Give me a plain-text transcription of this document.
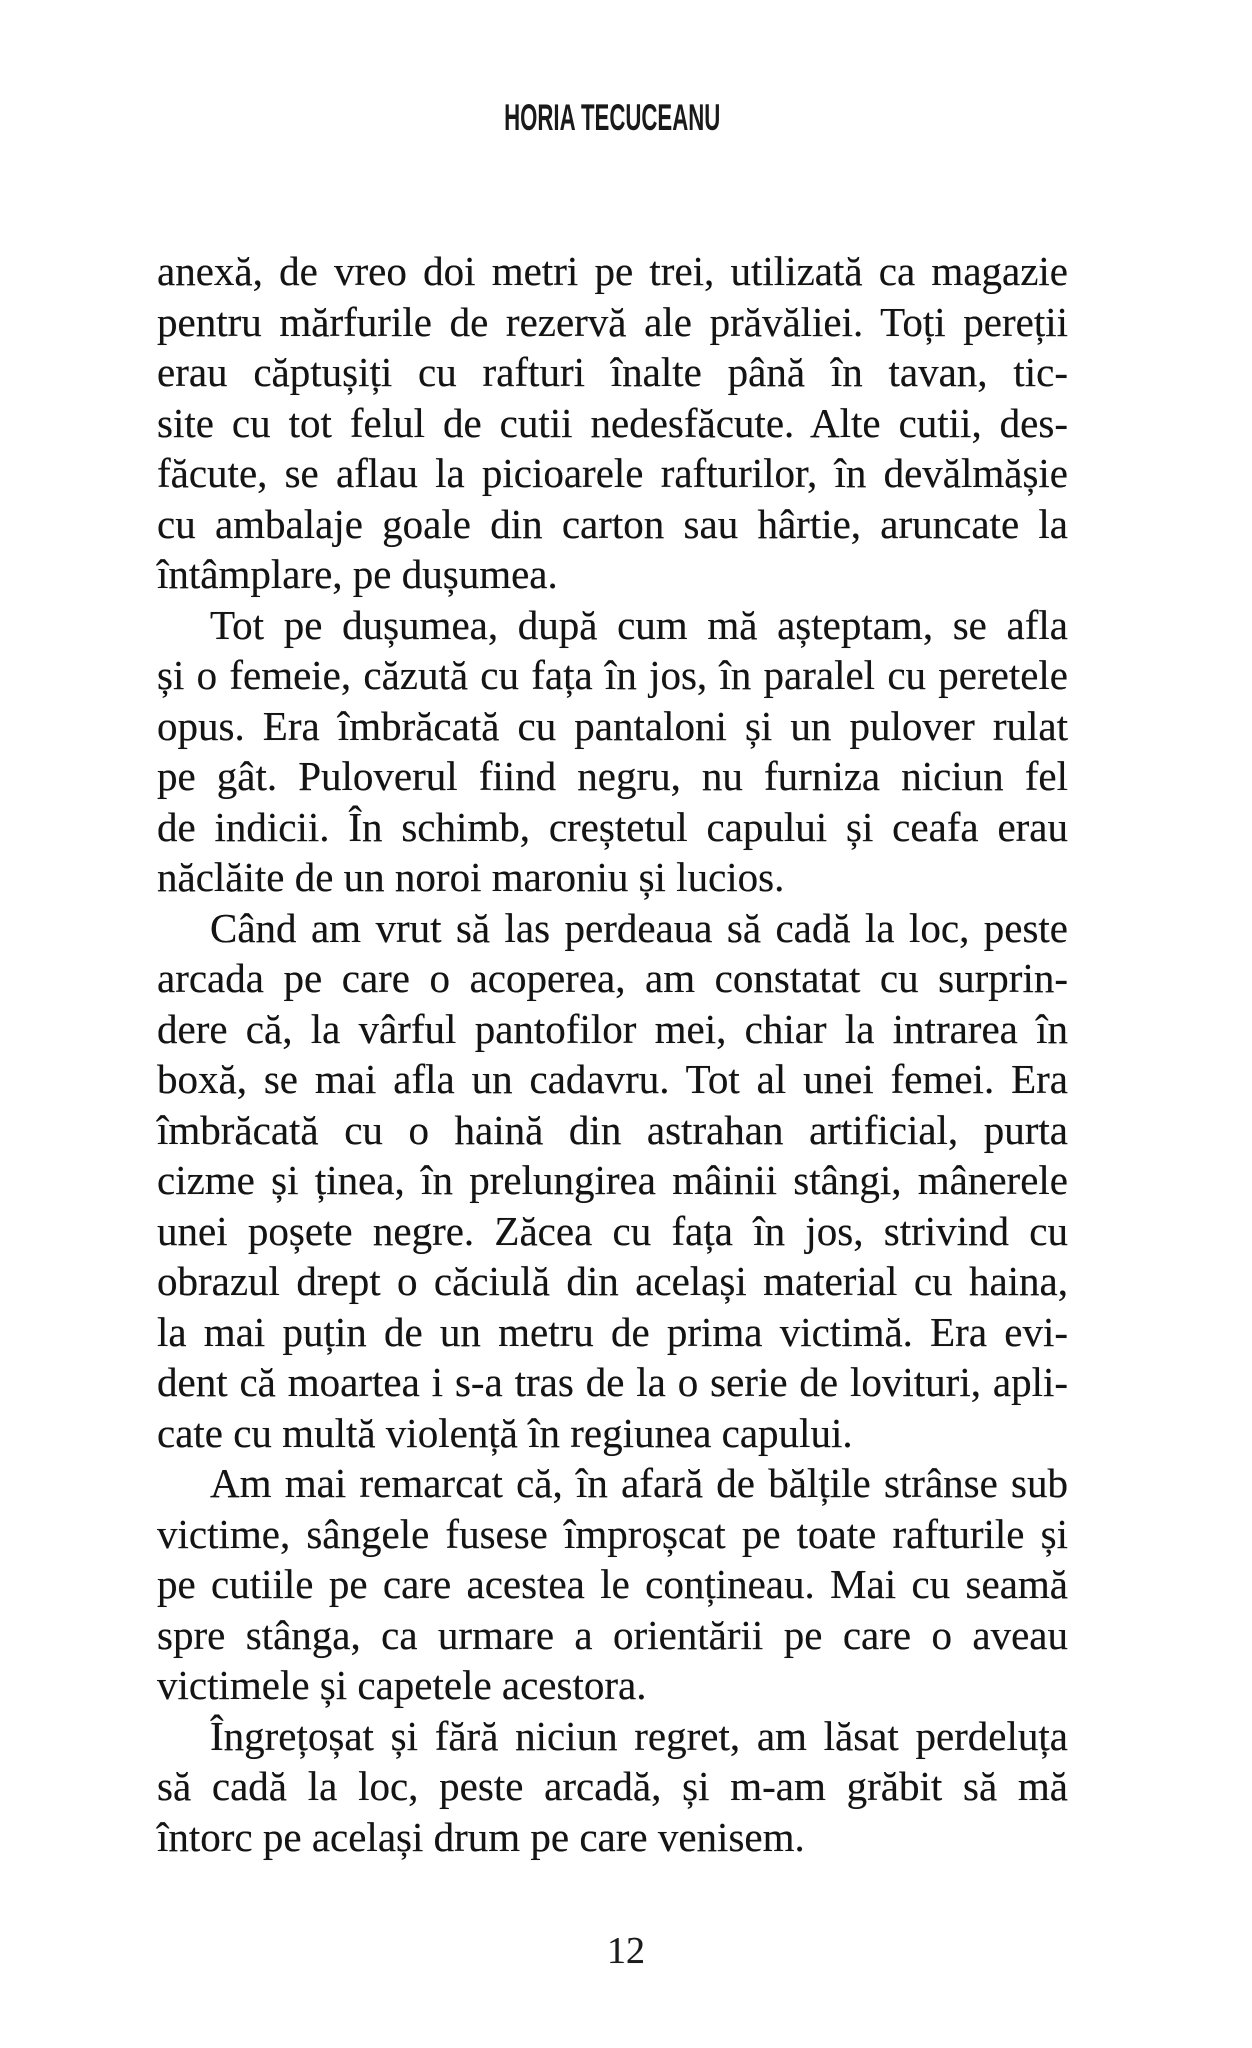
HORIA TECUCEANU
anexă, de vreo doi metri pe trei, utilizată ca magazie
pentru mărfurile de rezervă ale prăvăliei. Toți pereții
erau căptușiți cu rafturi înalte până în tavan, tic-
site cu tot felul de cutii nedesfăcute. Alte cutii, des-
făcute, se aflau la picioarele rafturilor, în devălmășie
cu ambalaje goale din carton sau hârtie, aruncate la
întâmplare, pe dușumea.
Tot pe dușumea, după cum mă așteptam, se afla
și o femeie, căzută cu fața în jos, în paralel cu peretele
opus. Era îmbrăcată cu pantaloni și un pulover rulat
pe gât. Puloverul fiind negru, nu furniza niciun fel
de indicii. În schimb, creștetul capului și ceafa erau
năclăite de un noroi maroniu și lucios.
Când am vrut să las perdeaua să cadă la loc, peste
arcada pe care o acoperea, am constatat cu surprin-
dere că, la vârful pantofilor mei, chiar la intrarea în
boxă, se mai afla un cadavru. Tot al unei femei. Era
îmbrăcată cu o haină din astrahan artificial, purta
cizme și ținea, în prelungirea mâinii stângi, mânerele
unei poșete negre. Zăcea cu fața în jos, strivind cu
obrazul drept o căciulă din același material cu haina,
la mai puțin de un metru de prima victimă. Era evi-
dent că moartea i s-a tras de la o serie de lovituri, apli-
cate cu multă violență în regiunea capului.
Am mai remarcat că, în afară de bălțile strânse sub
victime, sângele fusese împroșcat pe toate rafturile și
pe cutiile pe care acestea le conțineau. Mai cu seamă
spre stânga, ca urmare a orientării pe care o aveau
victimele și capetele acestora.
Îngrețoșat și fără niciun regret, am lăsat perdeluța
să cadă la loc, peste arcadă, și m-am grăbit să mă
întorc pe același drum pe care venisem.
12
